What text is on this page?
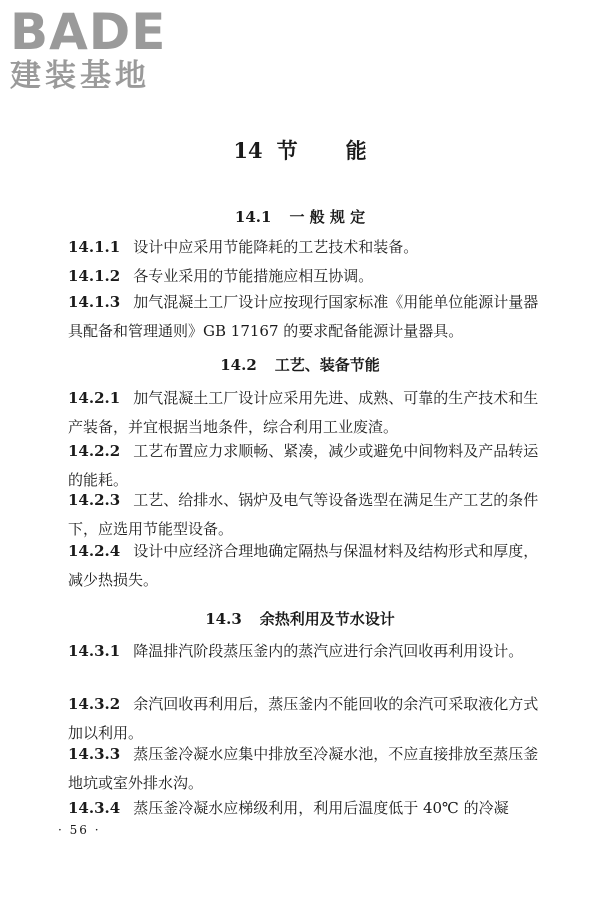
BADE
建装基地
14 节 能
14.1 一 般 规 定
14.1.1 设计中应采用节能降耗的工艺技术和装备。
14.1.2 各专业采用的节能措施应相互协调。
14.1.3 加气混凝土工厂设计应按现行国家标准《用能单位能源计量器具配备和管理通则》GB 17167 的要求配备能源计量器具。
14.2 工艺、装备节能
14.2.1 加气混凝土工厂设计应采用先进、成熟、可靠的生产技术和生产装备，并宜根据当地条件，综合利用工业废渣。
14.2.2 工艺布置应力求顺畅、紧凑，减少或避免中间物料及产品转运的能耗。
14.2.3 工艺、给排水、锅炉及电气等设备选型在满足生产工艺的条件下，应选用节能型设备。
14.2.4 设计中应经济合理地确定隔热与保温材料及结构形式和厚度，减少热损失。
14.3 余热利用及节水设计
14.3.1 降温排汽阶段蒸压釜内的蒸汽应进行余汽回收再利用设计。
14.3.2 余汽回收再利用后，蒸压釜内不能回收的余汽可采取液化方式加以利用。
14.3.3 蒸压釜冷凝水应集中排放至冷凝水池，不应直接排放至蒸压釜地坑或室外排水沟。
14.3.4 蒸压釜冷凝水应梯级利用，利用后温度低于 40℃ 的冷凝
· 56 ·
